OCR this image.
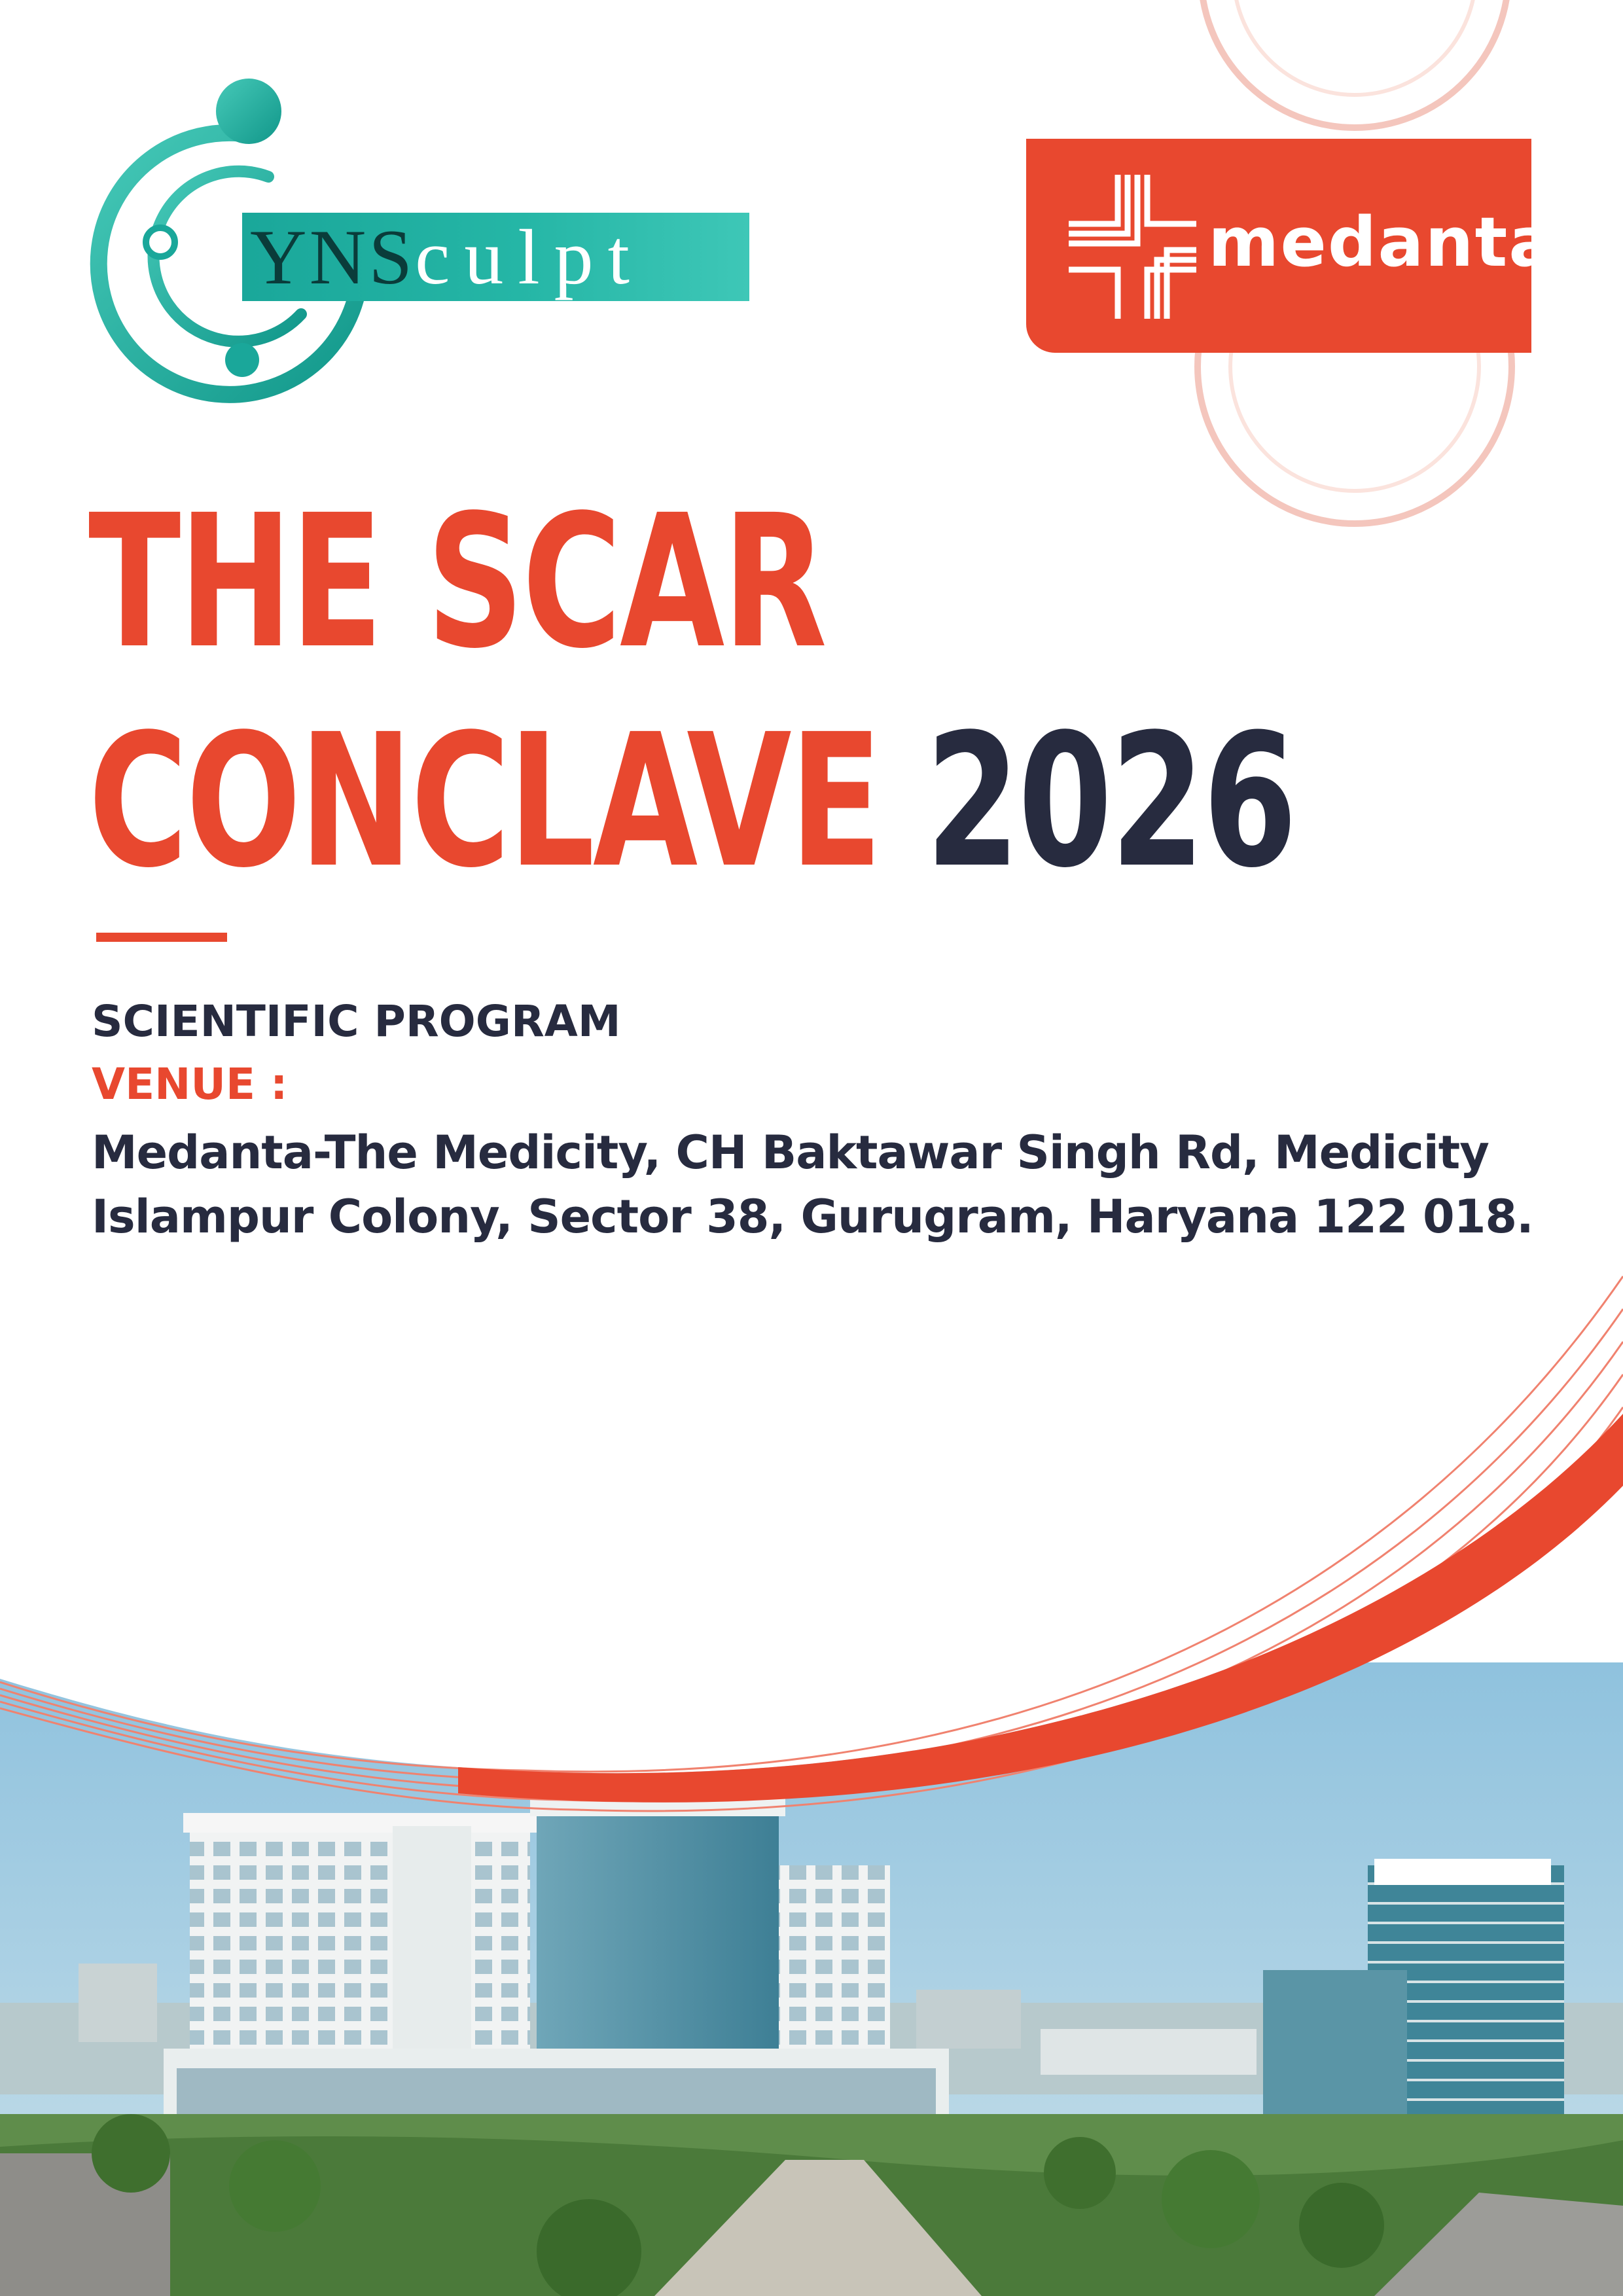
YNSculpt	medanta
THE SCAR
CONCLAVE 2026
SCIENTIFIC PROGRAM
VENUE :
Medanta-The Medicity, CH Baktawar Singh Rd, Medicity
Islampur Colony, Sector 38, Gurugram, Haryana 122 018.
